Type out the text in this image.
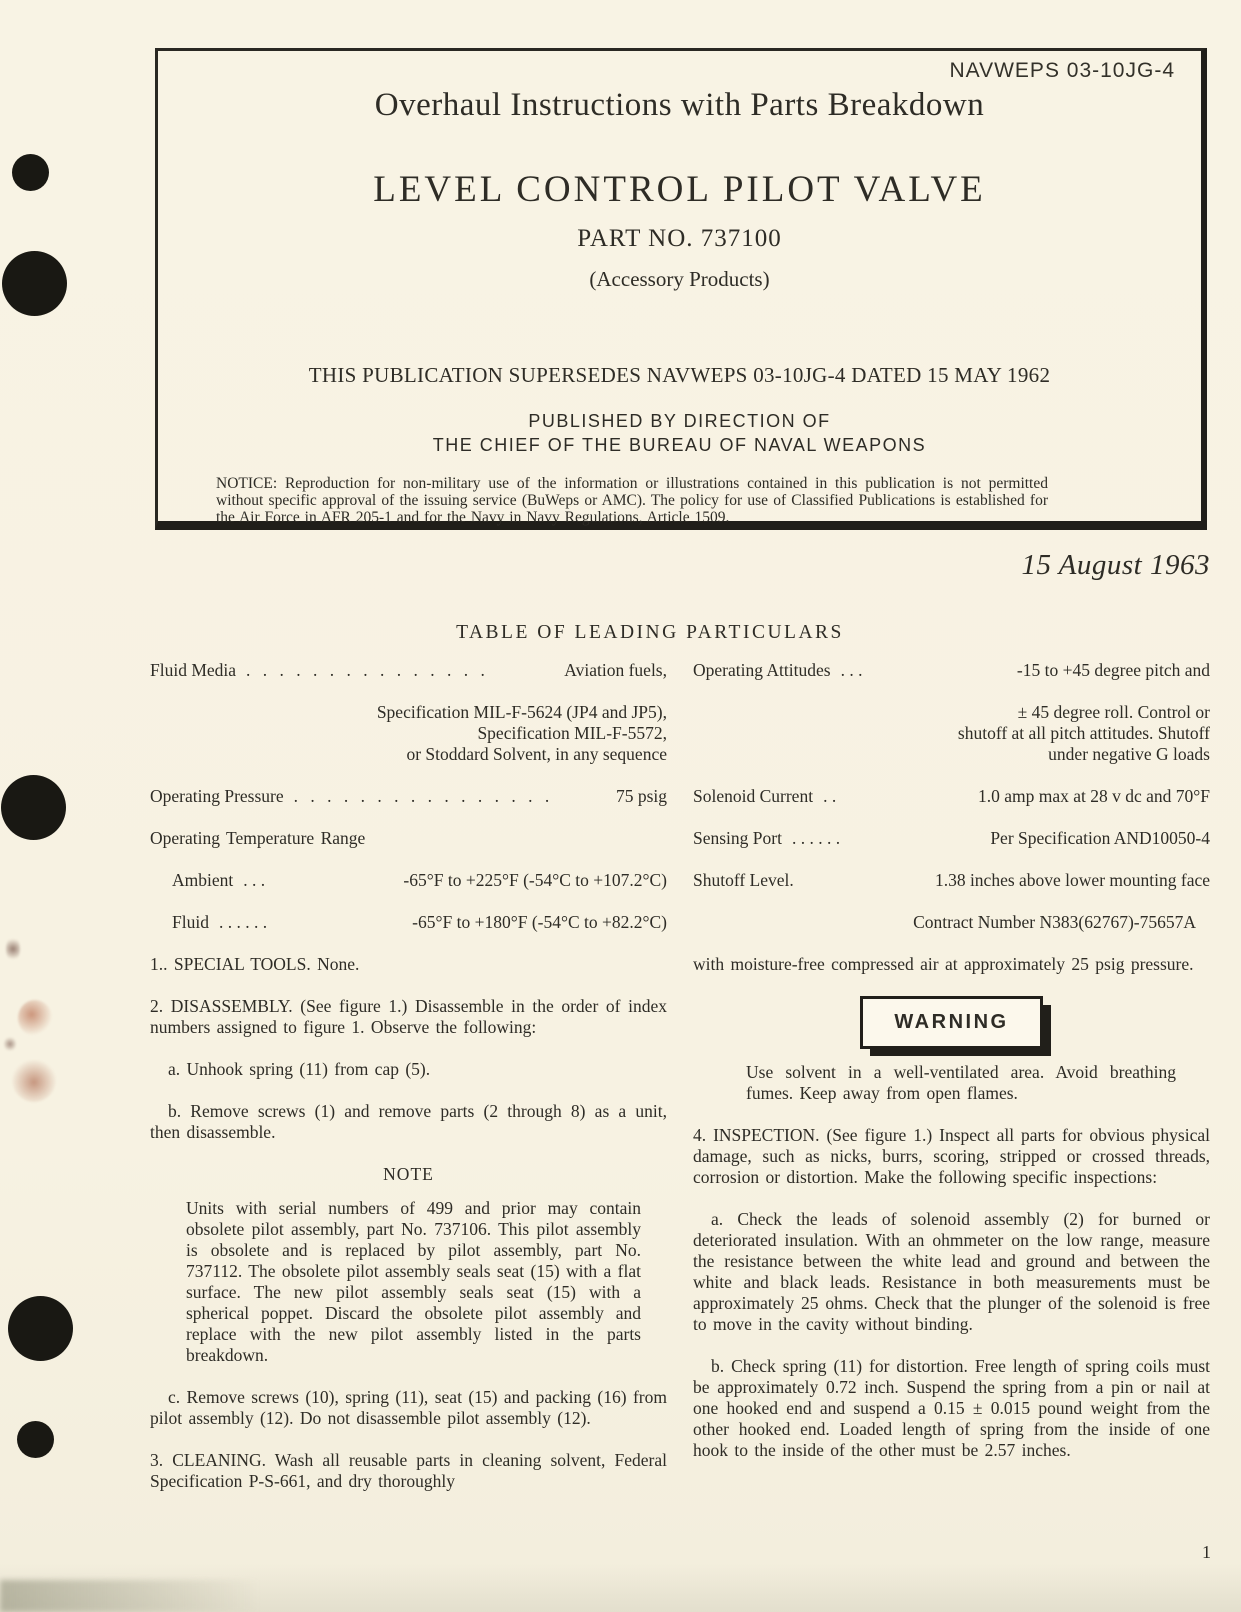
NAVWEPS 03-10JG-4
Overhaul Instructions with Parts Breakdown
LEVEL CONTROL PILOT VALVE
PART NO. 737100
(Accessory Products)
THIS PUBLICATION SUPERSEDES NAVWEPS 03-10JG-4 DATED 15 MAY 1962
PUBLISHED BY DIRECTION OF
THE CHIEF OF THE BUREAU OF NAVAL WEAPONS
NOTICE: Reproduction for non-military use of the information or illustrations contained in this publication is not permitted without specific approval of the issuing service (BuWeps or AMC). The policy for use of Classified Publications is established for the Air Force in AFR 205-1 and for the Navy in Navy Regulations, Article 1509.
15 August 1963
TABLE OF LEADING PARTICULARS
Fluid Media . . . . . . . . . . . . . . .	Aviation fuels,
Specification MIL-F-5624 (JP4 and JP5),
Specification MIL-F-5572,
or Stoddard Solvent, in any sequence
Operating Pressure . . . . . . . . . . . . . . . .	75 psig

Operating Temperature Range

Ambient . . .	-65°F to +225°F (-54°C to +107.2°C)
Fluid . . . . . .	-65°F to +180°F (-54°C to +82.2°C)

1.. SPECIAL TOOLS. None.

2. DISASSEMBLY. (See figure 1.) Disassemble in the order of index numbers assigned to figure 1. Observe the following:

a. Unhook spring (11) from cap (5).

b. Remove screws (1) and remove parts (2 through 8) as a unit, then disassemble.

NOTE

Units with serial numbers of 499 and prior may contain obsolete pilot assembly, part No. 737106. This pilot assembly is obsolete and is replaced by pilot assembly, part No. 737112. The obsolete pilot assembly seals seat (15) with a flat surface. The new pilot assembly seals seat (15) with a spherical poppet. Discard the obsolete pilot assembly and replace with the new pilot assembly listed in the parts breakdown.

c. Remove screws (10), spring (11), seat (15) and packing (16) from pilot assembly (12). Do not disassemble pilot assembly (12).

3. CLEANING. Wash all reusable parts in cleaning solvent, Federal Specification P-S-661, and dry thoroughly

Operating Attitudes . . .	-15 to +45 degree pitch and
± 45 degree roll. Control or
shutoff at all pitch attitudes. Shutoff
under negative G loads
Solenoid Current . .	1.0 amp max at 28 v dc and 70°F
Sensing Port . . . . . .	Per Specification AND10050-4
Shutoff Level.	1.38 inches above lower mounting face
Contract Number N383(62767)-75657A

with moisture-free compressed air at approximately 25 psig pressure.

WARNING

Use solvent in a well-ventilated area. Avoid breathing fumes. Keep away from open flames.

4. INSPECTION. (See figure 1.) Inspect all parts for obvious physical damage, such as nicks, burrs, scoring, stripped or crossed threads, corrosion or distortion. Make the following specific inspections:

a. Check the leads of solenoid assembly (2) for burned or deteriorated insulation. With an ohmmeter on the low range, measure the resistance between the white lead and ground and between the white and black leads. Resistance in both measurements must be approximately 25 ohms. Check that the plunger of the solenoid is free to move in the cavity without binding.

b. Check spring (11) for distortion. Free length of spring coils must be approximately 0.72 inch. Suspend the spring from a pin or nail at one hooked end and suspend a 0.15 ± 0.015 pound weight from the other hooked end. Loaded length of spring from the inside of one hook to the inside of the other must be 2.57 inches.

1
